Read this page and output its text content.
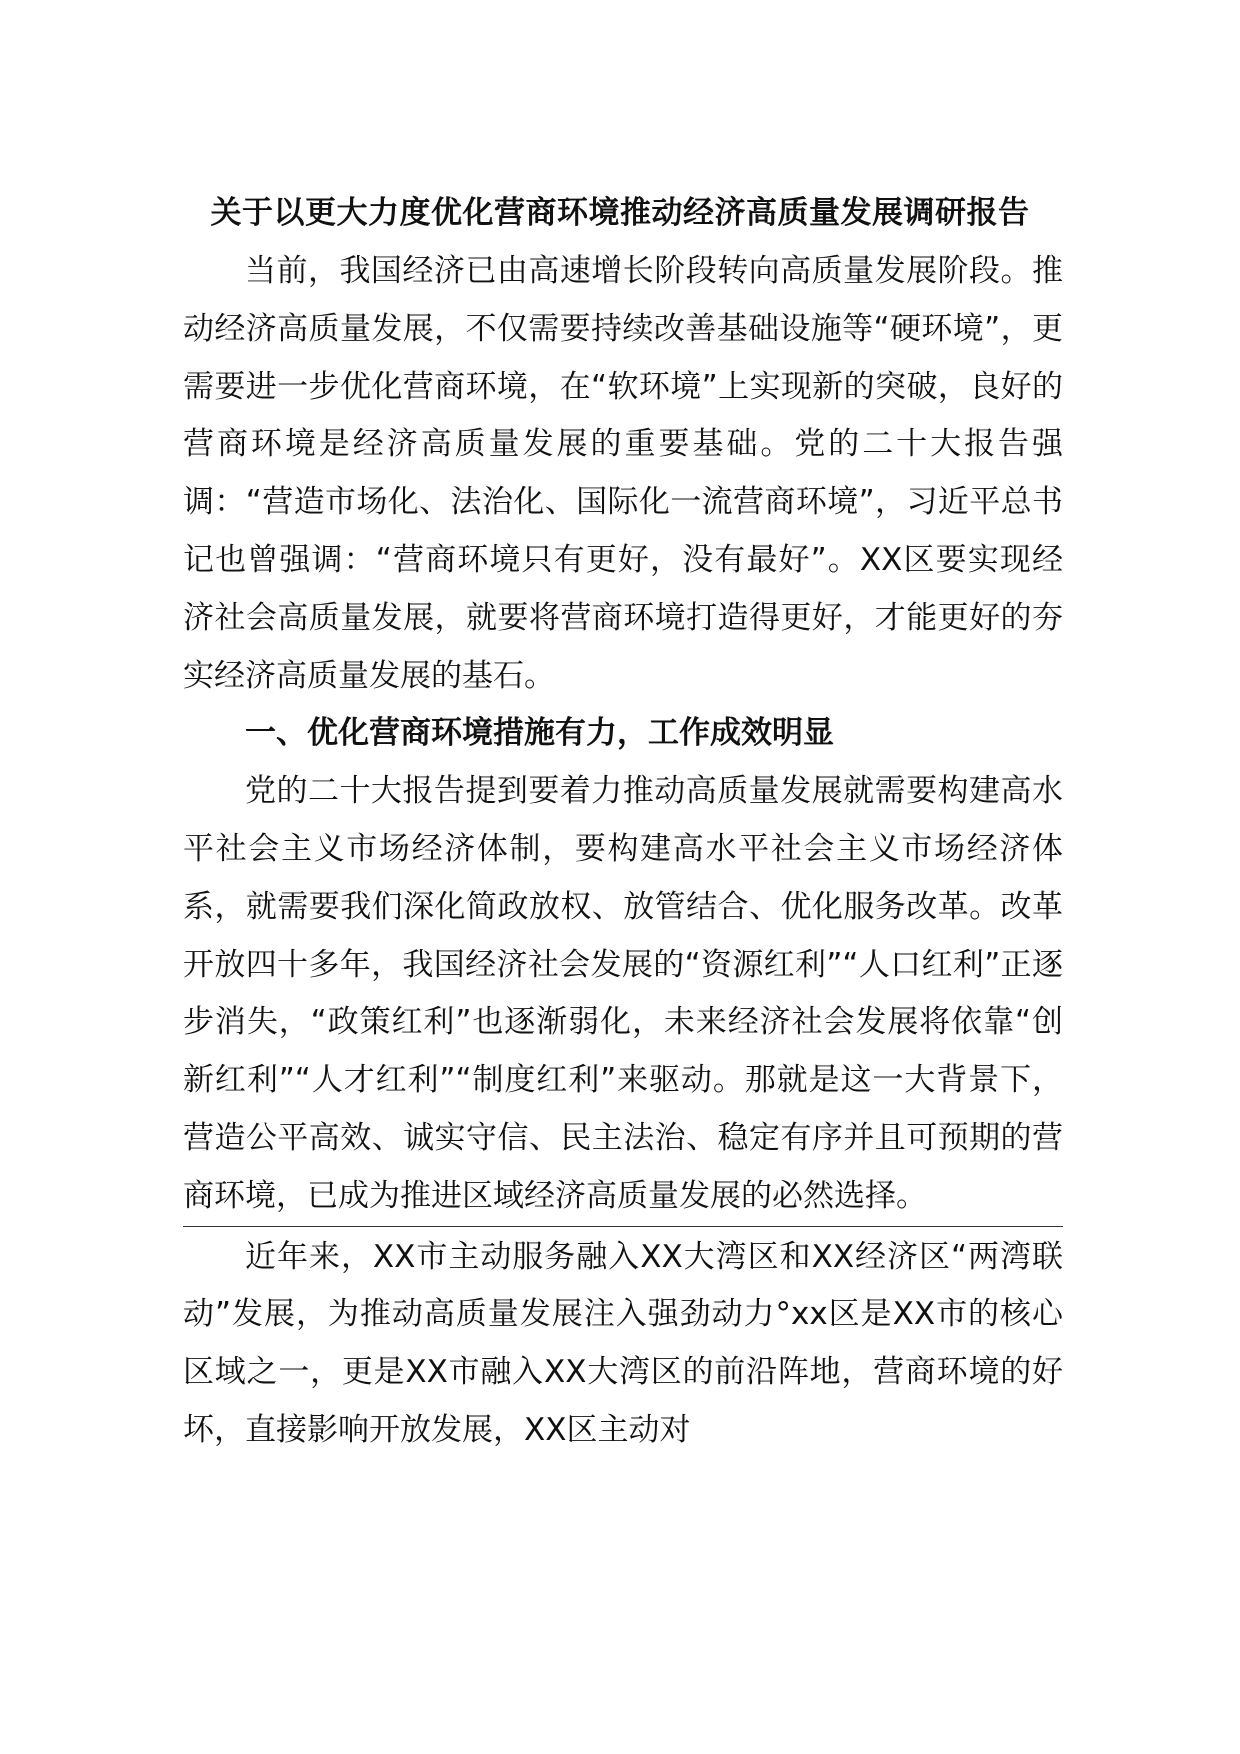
关于以更大力度优化营商环境推动经济高质量发展调研报告

当前，我国经济已由高速增长阶段转向高质量发展阶段。推动经济高质量发展，不仅需要持续改善基础设施等“硬环境”，更需要进一步优化营商环境，在“软环境”上实现新的突破，良好的营商环境是经济高质量发展的重要基础。党的二十大报告强调：“营造市场化、法治化、国际化一流营商环境”，习近平总书记也曾强调：“营商环境只有更好，没有最好”。XX区要实现经济社会高质量发展，就要将营商环境打造得更好，才能更好的夯实经济高质量发展的基石。

一、优化营商环境措施有力，工作成效明显

党的二十大报告提到要着力推动高质量发展就需要构建高水平社会主义市场经济体制，要构建高水平社会主义市场经济体系，就需要我们深化简政放权、放管结合、优化服务改革。改革开放四十多年，我国经济社会发展的“资源红利”“人口红利”正逐步消失，“政策红利”也逐渐弱化，未来经济社会发展将依靠“创新红利”“人才红利”“制度红利”来驱动。那就是这一大背景下，营造公平高效、诚实守信、民主法治、稳定有序并且可预期的营商环境，已成为推进区域经济高质量发展的必然选择。

近年来，XX市主动服务融入XX大湾区和XX经济区“两湾联动”发展，为推动高质量发展注入强劲动力°xx区是XX市的核心区域之一，更是XX市融入XX大湾区的前沿阵地，营商环境的好坏，直接影响开放发展，XX区主动对
